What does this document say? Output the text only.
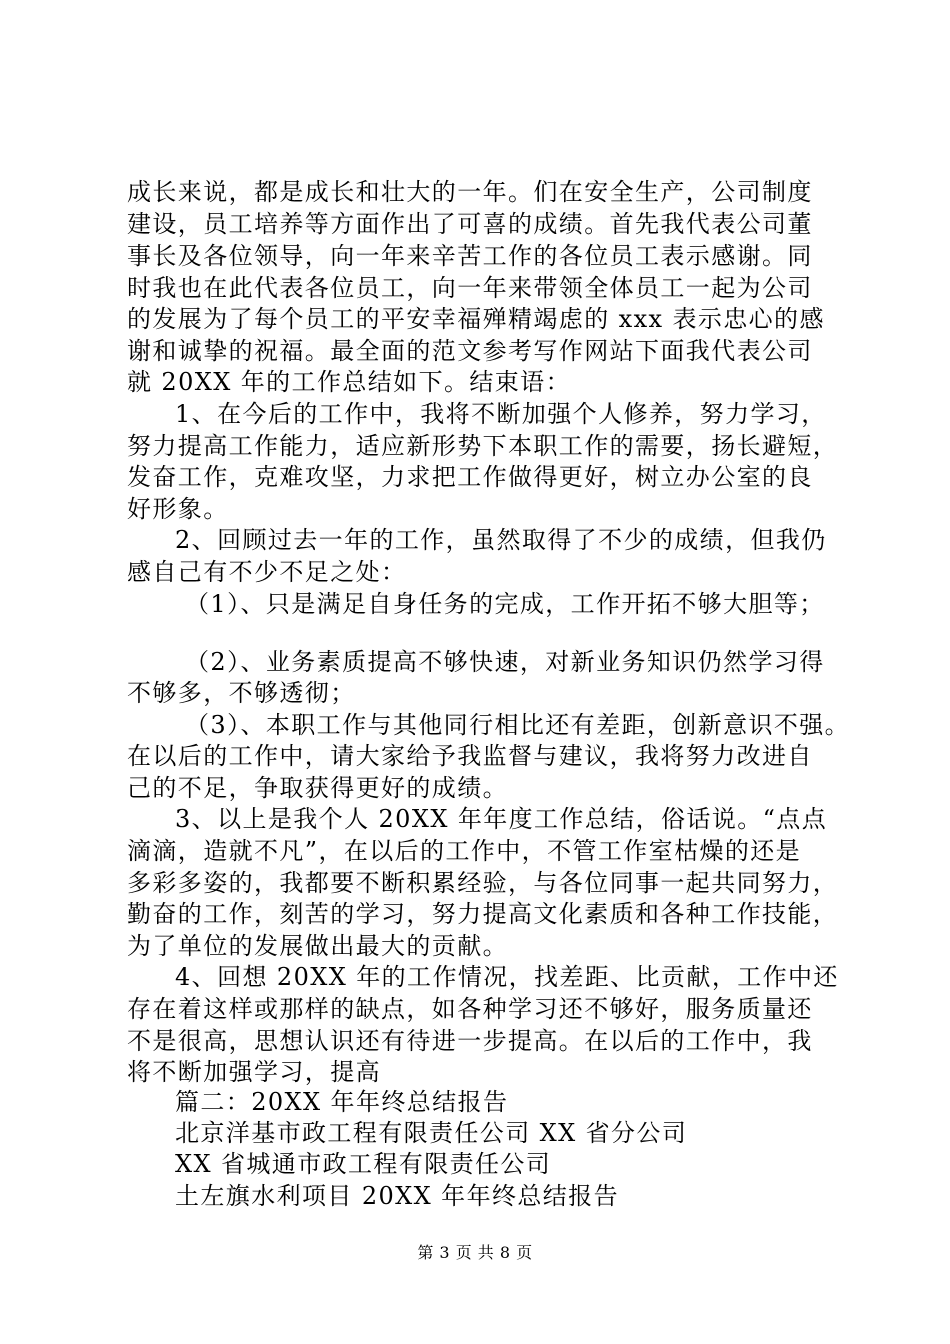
成长来说，都是成长和壮大的一年。们在安全生产，公司制度
建设，员工培养等方面作出了可喜的成绩。首先我代表公司董
事长及各位领导，向一年来辛苦工作的各位员工表示感谢。同
时我也在此代表各位员工，向一年来带领全体员工一起为公司
的发展为了每个员工的平安幸福殚精竭虑的 xxx 表示忠心的感
谢和诚挚的祝福。最全面的范文参考写作网站下面我代表公司
就 20XX 年的工作总结如下。结束语：
1、在今后的工作中，我将不断加强个人修养，努力学习，
努力提高工作能力，适应新形势下本职工作的需要，扬长避短，
发奋工作，克难攻坚，力求把工作做得更好，树立办公室的良
好形象。
2、回顾过去一年的工作，虽然取得了不少的成绩，但我仍
感自己有不少不足之处：
（1）、只是满足自身任务的完成，工作开拓不够大胆等；
（2）、业务素质提高不够快速，对新业务知识仍然学习得
不够多，不够透彻；
（3）、本职工作与其他同行相比还有差距，创新意识不强。
在以后的工作中，请大家给予我监督与建议，我将努力改进自
己的不足，争取获得更好的成绩。
3、以上是我个人 20XX 年年度工作总结，俗话说。“点点
滴滴，造就不凡”，在以后的工作中，不管工作室枯燥的还是
多彩多姿的，我都要不断积累经验，与各位同事一起共同努力，
勤奋的工作，刻苦的学习，努力提高文化素质和各种工作技能，
为了单位的发展做出最大的贡献。
4、回想 20XX 年的工作情况，找差距、比贡献，工作中还
存在着这样或那样的缺点，如各种学习还不够好，服务质量还
不是很高，思想认识还有待进一步提高。在以后的工作中，我
将不断加强学习，提高
篇二：20XX 年年终总结报告
北京洋基市政工程有限责任公司 XX 省分公司
XX 省城通市政工程有限责任公司
土左旗水利项目 20XX 年年终总结报告
第 3 页 共 8 页
